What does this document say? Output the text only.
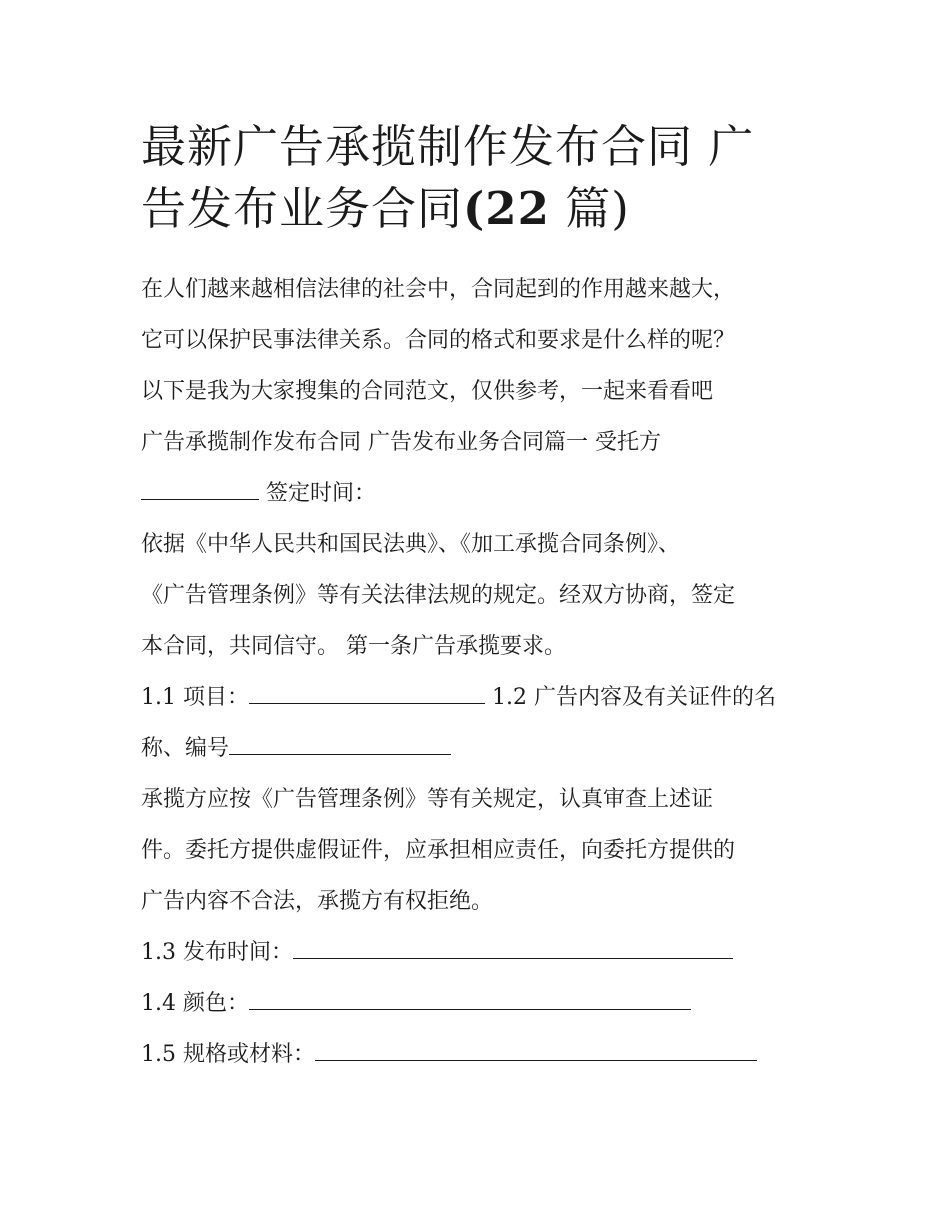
最新广告承揽制作发布合同 广
告发布业务合同(22 篇)

在人们越来越相信法律的社会中，合同起到的作用越来越大，

它可以保护民事法律关系。合同的格式和要求是什么样的呢？

以下是我为大家搜集的合同范文，仅供参考，一起来看看吧

广告承揽制作发布合同 广告发布业务合同篇一 受托方

签定时间：

依据《中华人民共和国民法典》、《加工承揽合同条例》、

《广告管理条例》等有关法律法规的规定。经双方协商，签定

本合同，共同信守。 第一条广告承揽要求。

1.1 项目：	1.2 广告内容及有关证件的名

称、编号

承揽方应按《广告管理条例》等有关规定，认真审查上述证

件。委托方提供虚假证件，应承担相应责任，向委托方提供的

广告内容不合法，承揽方有权拒绝。

1.3 发布时间：

1.4 颜色：

1.5 规格或材料：
